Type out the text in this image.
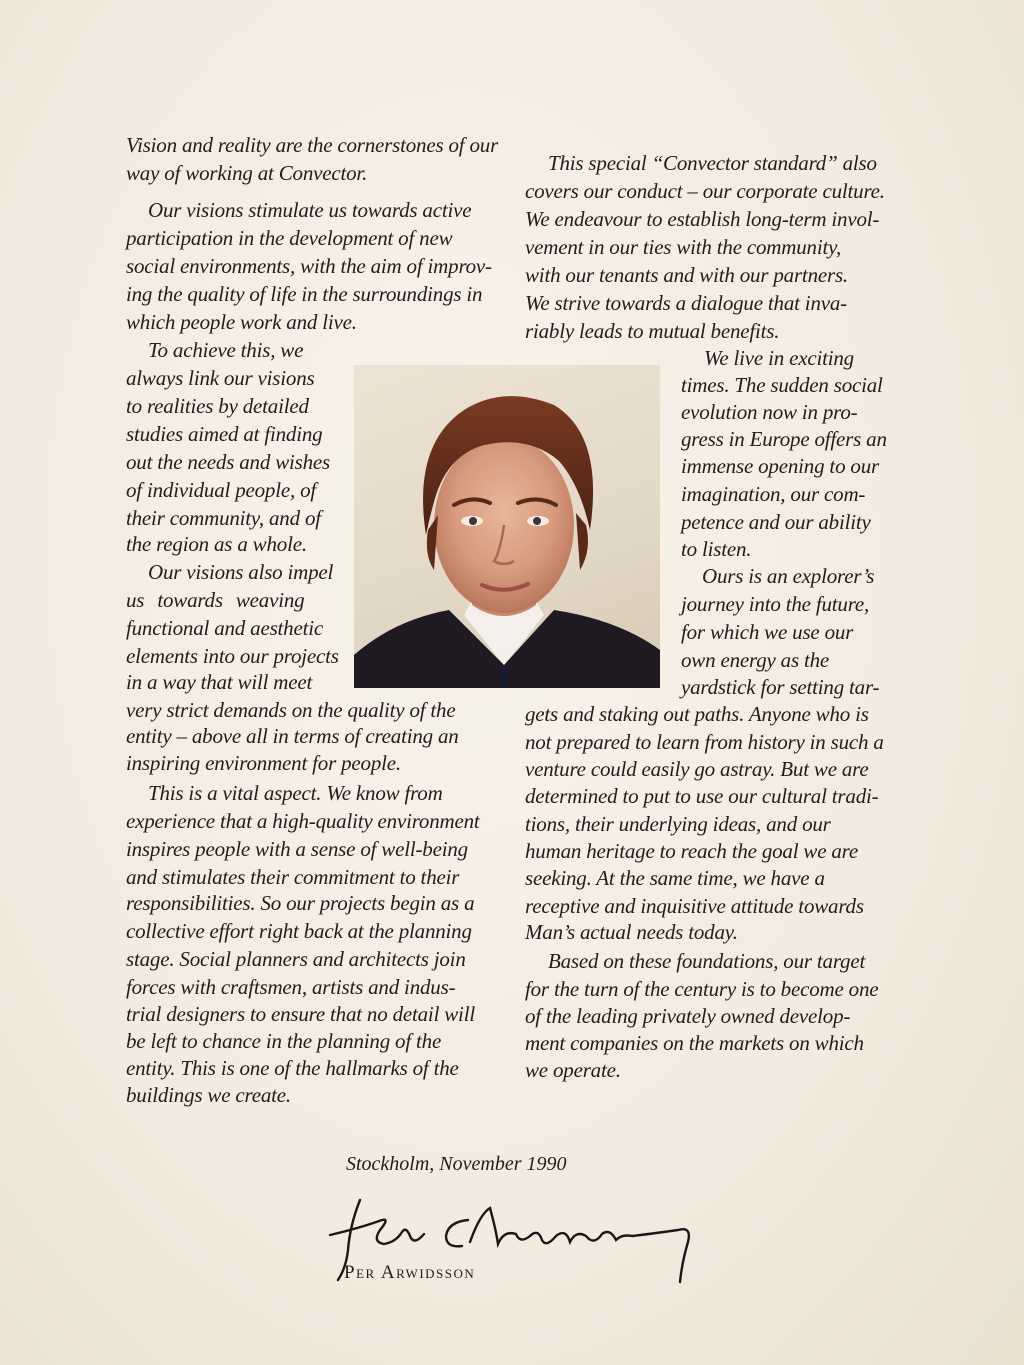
Vision and reality are the cornerstones of our
way of working at Convector.
Our visions stimulate us towards active
participation in the development of new
social environments, with the aim of improv-
ing the quality of life in the surroundings in
which people work and live.
To achieve this, we
always link our visions
to realities by detailed
studies aimed at finding
out the needs and wishes
of individual people, of
their community, and of
the region as a whole.
Our visions also impel
us towards weaving
functional and aesthetic
elements into our projects
in a way that will meet
very strict demands on the quality of the
entity – above all in terms of creating an
inspiring environment for people.
This is a vital aspect. We know from
experience that a high-quality environment
inspires people with a sense of well-being
and stimulates their commitment to their
responsibilities. So our projects begin as a
collective effort right back at the planning
stage. Social planners and architects join
forces with craftsmen, artists and indus-
trial designers to ensure that no detail will
be left to chance in the planning of the
entity. This is one of the hallmarks of the
buildings we create.
This special “Convector standard” also
covers our conduct – our corporate culture.
We endeavour to establish long-term invol-
vement in our ties with the community,
with our tenants and with our partners.
We strive towards a dialogue that inva-
riably leads to mutual benefits.
We live in exciting
times. The sudden social
evolution now in pro-
gress in Europe offers an
immense opening to our
imagination, our com-
petence and our ability
to listen.
Ours is an explorer’s
journey into the future,
for which we use our
own energy as the
yardstick for setting tar-
gets and staking out paths. Anyone who is
not prepared to learn from history in such a
venture could easily go astray. But we are
determined to put to use our cultural tradi-
tions, their underlying ideas, and our
human heritage to reach the goal we are
seeking. At the same time, we have a
receptive and inquisitive attitude towards
Man’s actual needs today.
Based on these foundations, our target
for the turn of the century is to become one
of the leading privately owned develop-
ment companies on the markets on which
we operate.
Stockholm, November 1990
Per Arwidsson
